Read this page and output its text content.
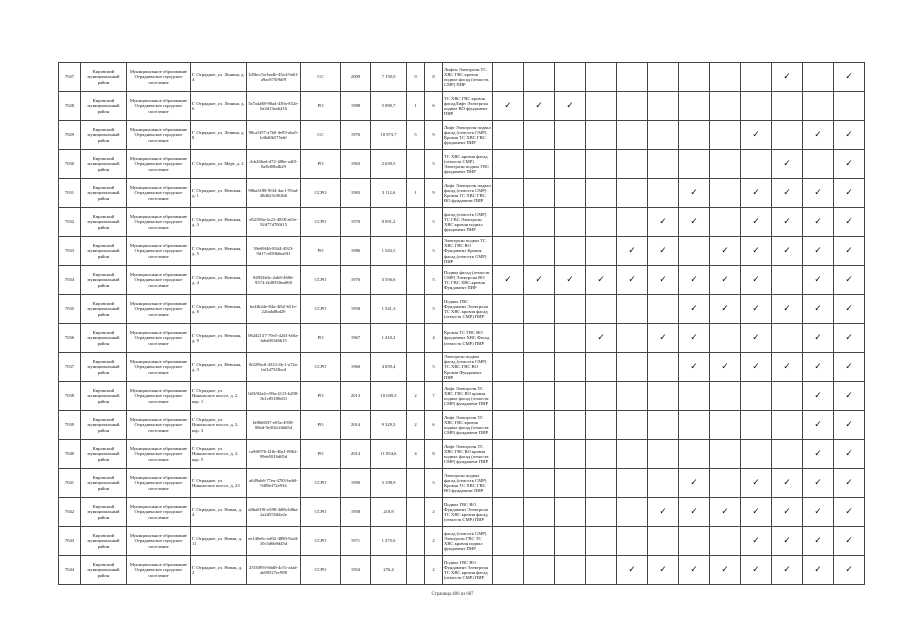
7027	Кировский муниципальный район	Муниципальное образование Отрадненское городское поселение	Г. Отрадное, ул. Ленина, д. 4	1d5bcc5a-bn4b-45a4-9a61-a9ac875f9df9	CC	2009	7 150,0	9	8	Лифты Электроэн ТС ХВС ГВС кровля подвал фасад (отмостк СМР) ПИР										✓		✓
7028	Кировский муниципальный район	Муниципальное образование Отрадненское городское поселение	Г. Отрадное, ул. Ленина, д. 6	5a7a4a88-98a4-439a-852e-0a3d13ea6416	PO	1988	5 090,7	1	6	ТС ХВС ГВС кровля фасадЛифт Электроэн подвал ВО фундамент ПИР	✓	✓	✓									
7029	Кировский муниципальный район	Муниципальное образование Отрадненское городское поселение	Г. Отрадное, ул. Ленина, д. 8	98ca3f57-a7b0-4e93-aba5-b46d0b575e6f	CC	1976	10 973,7	5	9	Лифт Электроэн подвал фасад (отмостк СМР) Кровля ТС ХВС ГВС фундамент ПИР									✓		✓	✓
7030	Кировский муниципальный район	Муниципальное образование Отрадненское городское поселение	Г. Отрадное, ул. Март, д. 2	4cb266ad-d72-486e-a4f0-8a8c88b4b29	PO	1963	2 639,5		5	ТС ХВС кровля фасад (отмостк СМР) Электроэн подвал ГВС фундамент ПИР										✓		✓
7031	Кировский муниципальный район	Муниципальное образование Отрадненское городское поселение	Г. Отрадное, ул. Невская, д. 1	98ba3188-9f34-4ac1-95ad-48d623c002b6	CCPO	1983	3 112,6	1	9	Лифт Электроэн подвал фасад (отмостк СМР) Кровля ТС ХВС ГВС ВО фундамент ПИР							✓		✓	✓	✓	✓
7032	Кировский муниципальный район	Муниципальное образование Отрадненское городское поселение	Г. Отрадное, ул. Невская, д. 3	e82199a-4c22-4838-a61e-92d77d700f15	CCPO	1970	8 091,2		5	фасад (отмостк СМР) ТС ГВС Электроэн ХВС кровля подвал фундамент ПИР						✓	✓		✓	✓	✓	✓
7033	Кировский муниципальный район	Муниципальное образование Отрадненское городское поселение	Г. Отрадное, ул. Невская, д. 5	39e69f46-8344-4923-9d17-df59b6ea9f1	PO	1986	1 543,5		5	Электроэн подвал ТС ХВС ГВС ВО Фундамент Кровля фасад (отмостк СМР) ПИР					✓	✓		✓	✓	✓	✓	✓
7034	Кировский муниципальный район	Муниципальное образование Отрадненское городское поселение	Г. Отрадное, ул. Невская, д. 4	84954b3c-2ab8-460b-9374-f2d8350ea860	CCPO	1976	3 556,6		5	Подвал фасад (отмостк СМР) Электроэн ВО ТС ГВС ХВС кровля Фундамент ПИР	✓	✓	✓	✓	✓	✓	✓	✓	✓		✓	✓
7035	Кировский муниципальный район	Муниципальное образование Отрадненское городское поселение	Г. Отрадное, ул. Невская, д. 8	be4fb2de-84a-4f62-b51e-22fada8bd29	CCPO	1958	1 541,3		5	Подвал ГВС Фундамент Электроэн ТС ХВС кровля фасад (отмостк СМР) ПИР							✓	✓	✓	✓	✓	✓
7036	Кировский муниципальный район	Муниципальное образование Отрадненское городское поселение	Г. Отрадное, ул. Невская, д. 9	082d2137-79e5-42d1-b0fa-fa6a081d6b15	PO	1967	1 410,2		4	Кровля ТС ГВС ВО фундамент ХВС Фасад (отмостк СМР) ПИР				✓		✓	✓		✓		✓	✓
7037	Кировский муниципальный район	Муниципальное образование Отрадненское городское поселение	Г. Отрадное, ул. Невская, д. 3	0f229bc6-4323-4fc1-a72a-faf1d75f3bcd	CCPO	1960	4 059,4		5	Электроэн подвал фасад (отмостк СМР) ТС ХВС ГВС ВО Кровля Фундамент ПИР							✓	✓	✓	✓	✓	✓
7038	Кировский муниципальный район	Муниципальное образование Отрадненское городское поселение	Г. Отрадное, ул. Никольское шоссе, д. 2, кор. 1	b03f92a4-c99a-4113-b298-1b1c85180d31	PO	2013	10 049,5	2	7	Лифт Электроэн ТС ХВС ГВС ВО кровля подвал фасад (отмостк СМР) фундамент ПИР											✓	✓
7039	Кировский муниципальный район	Муниципальное образование Отрадненское городское поселение	Г. Отрадное, ул. Никольское шоссе, д. 2, кор. 3	b08b6037-e05a-4938-88ed-5e302cf4b65d	PO	2014	9 329,3	2	6	Лифт Электроэн ТС ХВС ГВС кровля подвал фасад (отмостк СМР) фундамент ПИР											✓	✓
7040	Кировский муниципальный район	Муниципальное образование Отрадненское городское поселение	Г. Отрадное, ул. Никольское шоссе, д. 2, кор. 5	ca9f0976-f2fb-40a1-8962-99eb5816d65d	PO	2014	11 854,6	4	8	Лифт Электроэн ТС ХВС ГВС ВО кровля подвал фасад (отмостк СМР) фундамент ПИР											✓	✓
7041	Кировский муниципальный район	Муниципальное образование Отрадненское городское поселение	Г. Отрадное, ул. Никольское шоссе, д. 23	a649ab6-77ea-4783-beb0-9408ef72e934	CCPO	1990	5 198,9		5	Электроэн подвал фасад (отмостк СМР) Кровля ТС ХВС ГВС ВО фундамент ПИР							✓		✓	✓	✓	✓
7042	Кировский муниципальный район	Муниципальное образование Отрадненское городское поселение	Г. Отрадное, ул. Новая, д. 4	d4ba019f-e588-4d0b-b8ba-2a2d555d4e2e	CCPO	1958	210,8		2	Подвал ГВС ВО Фундамент Электроэн ТС ХВС кровля фасад (отмостк СМР) ПИР						✓	✓	✓	✓	✓	✓	✓
7043	Кировский муниципальный район	Муниципальное образование Отрадненское городское поселение	Г. Отрадное, ул. Новая, д. 11	ee140e6c-ed02-4880-9a2d-10c5d6b9d45d	CCPO	1971	1 275,6		2	фасад (отмостк СМР) Электроэн ГВС ТС ХВС кровля подвал фундамент ПИР									✓	✓	✓	✓
7044	Кировский муниципальный район	Муниципальное образование Отрадненское городское поселение	Г. Отрадное, ул. Новая, д. 2	25f3f893-66d8-4c51-afad-ab99527ec998	CCPO	1954	276,4		2	Подвал ГВС ВО Фундамент Электроэн ТС ХВС кровля фасад (отмостк СМР) ПИР					✓	✓	✓	✓	✓	✓	✓	✓
Страница 486 из 687
